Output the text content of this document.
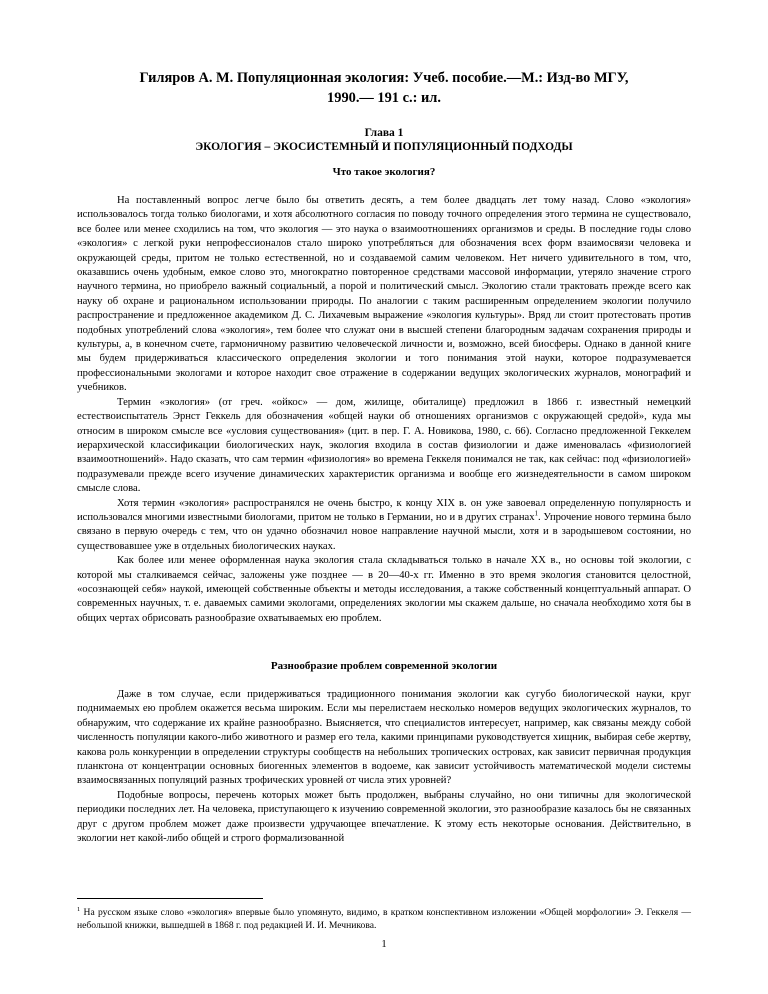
Гиляров А. М. Популяционная экология: Учеб. пособие.—М.: Изд-во МГУ,
1990.— 191 с.: ил.

Глава 1

ЭКОЛОГИЯ – ЭКОСИСТЕМНЫЙ И ПОПУЛЯЦИОННЫЙ ПОДХОДЫ
Что такое экология?

На поставленный вопрос легче было бы ответить десять, а тем более двадцать лет тому назад. Слово «экология» использовалось тогда только биологами, и хотя абсолютного согласия по поводу точного определения этого термина не существовало, все более или менее сходились на том, что экология — это наука о взаимоотношениях организмов и среды. В последние годы слово «экология» с легкой руки непрофессионалов стало широко употребляться для обозначения всех форм взаимосвязи человека и окружающей среды, притом не только естественной, но и создаваемой самим человеком. Нет ничего удивительного в том, что, оказавшись очень удобным, емкое слово это, многократно повторенное средствами массовой информации, утеряло значение строго научного термина, но приобрело важный социальный, а порой и политический смысл. Экологию стали трактовать прежде всего как науку об охране и рациональном использовании природы. По аналогии с таким расширенным определением экологии получило распространение и предложенное академиком Д. С. Лихачевым выражение «экология культуры». Вряд ли стоит протестовать против подобных употреблений слова «экология», тем более что служат они в высшей степени благородным задачам сохранения природы и культуры, а, в конечном счете, гармоничному развитию человеческой личности и, возможно, всей биосферы. Однако в данной книге мы будем придерживаться классического определения экологии и того понимания этой науки, которое подразумевается профессиональными экологами и которое находит свое отражение в содержании ведущих экологических журналов, монографий и учебников.

Термин «экология» (от греч. «ойкос» — дом, жилище, обиталище) предложил в 1866 г. известный немецкий естествоиспытатель Эрнст Геккель для обозначения «общей науки об отношениях организмов с окружающей средой», куда мы относим в широком смысле все «условия существования» (цит. в пер. Г. А. Новикова, 1980, с. 66). Согласно предложенной Геккелем иерархической классификации биологических наук, экология входила в состав физиологии и даже именовалась «физиологией взаимоотношений». Надо сказать, что сам термин «физиология» во времена Геккеля понимался не так, как сейчас: под «физиологией» подразумевали прежде всего изучение динамических характеристик организма и вообще его жизнедеятельности в самом широком смысле слова.

Хотя термин «экология» распространялся не очень быстро, к концу XIX в. он уже завоевал определенную популярность и использовался многими известными биологами, притом не только в Германии, но и в других странах$^1$. Упрочение нового термина было связано в первую очередь с тем, что он удачно обозначил новое направление научной мысли, хотя и в зародышевом состоянии, но существовавшее уже в отдельных биологических науках.

Как более или менее оформленная наука экология стала складываться только в начале XX в., но основы той экологии, с которой мы сталкиваемся сейчас, заложены уже позднее — в 20—40-х гг. Именно в это время экология становится целостной, «осознающей себя» наукой, имеющей собственные объекты и методы исследования, а также собственный концептуальный аппарат. О современных научных, т. е. даваемых самими экологами, определениях экологии мы скажем дальше, но сначала необходимо хотя бы в общих чертах обрисовать разнообразие охватываемых ею проблем.

Разнообразие проблем современной экологии

Даже в том случае, если придерживаться традиционного понимания экологии как сугубо биологической науки, круг поднимаемых ею проблем окажется весьма широким. Если мы перелистаем несколько номеров ведущих экологических журналов, то обнаружим, что содержание их крайне разнообразно. Выясняется, что специалистов интересует, например, как связаны между собой численность популяции какого-либо животного и размер его тела, какими принципами руководствуется хищник, выбирая себе жертву, какова роль конкуренции в определении структуры сообществ на небольших тропических островах, как зависит первичная продукция планктона от концентрации основных биогенных элементов в водоеме, как зависит устойчивость математической модели системы взаимосвязанных популяций разных трофических уровней от числа этих уровней?

Подобные вопросы, перечень которых может быть продолжен, выбраны случайно, но они типичны для экологической периодики последних лет. На человека, приступающего к изучению современной экологии, это разнообразие казалось бы не связанных друг с другом проблем может даже произвести удручающее впечатление. К этому есть некоторые основания. Действительно, в экологии нет какой-либо общей и строго формализованной

$^1$ На русском языке слово «экология» впервые было упомянуто, видимо, в кратком конспективном изложении «Общей морфологии» Э. Геккеля — небольшой книжки, вышедшей в 1868 г. под редакцией И. И. Мечникова.

1
